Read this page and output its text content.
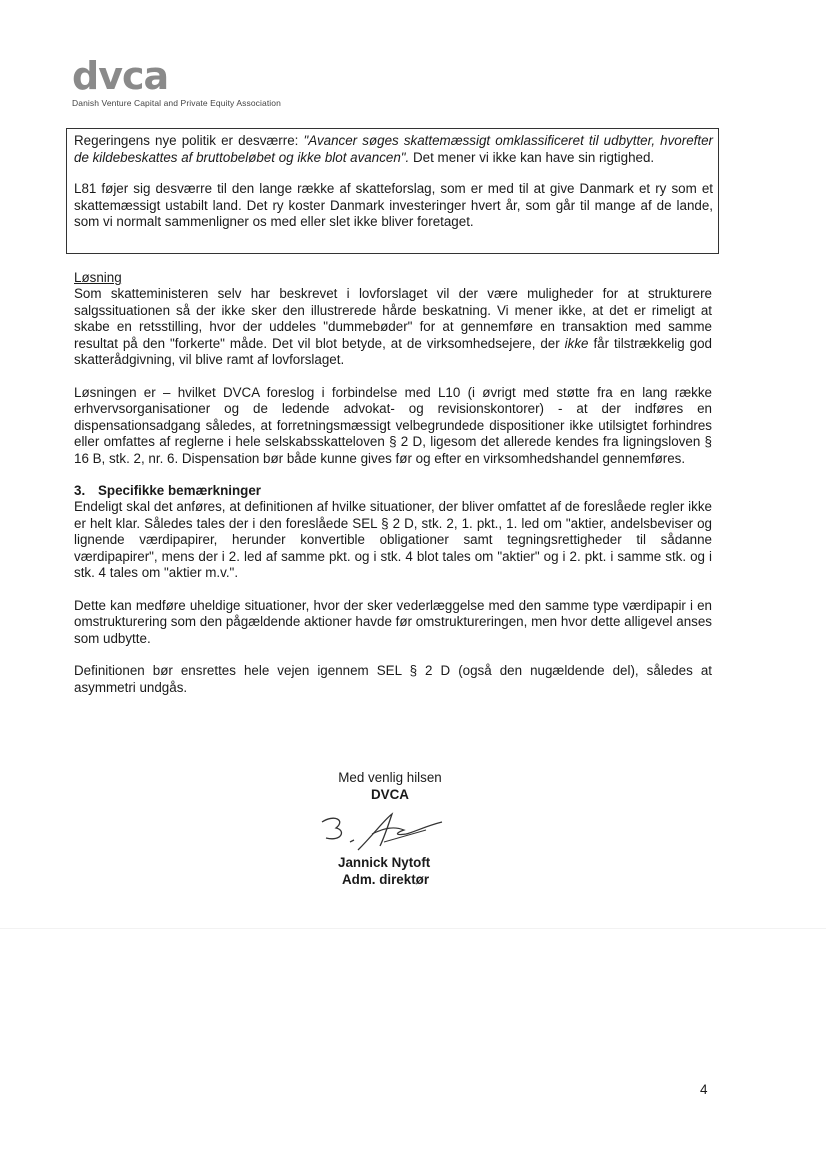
dvca
Danish Venture Capital and Private Equity Association

Regeringens nye politik er desværre: "Avancer søges skattemæssigt omklassificeret til udbytter, hvorefter de kildebeskattes af bruttobeløbet og ikke blot avancen". Det mener vi ikke kan have sin rigtighed.

L81 føjer sig desværre til den lange række af skatteforslag, som er med til at give Danmark et ry som et skattemæssigt ustabilt land. Det ry koster Danmark investeringer hvert år, som går til mange af de lande, som vi normalt sammenligner os med eller slet ikke bliver foretaget.

Løsning

Som skatteministeren selv har beskrevet i lovforslaget vil der være muligheder for at strukturere salgssituationen så der ikke sker den illustrerede hårde beskatning. Vi mener ikke, at det er rimeligt at skabe en retsstilling, hvor der uddeles "dummebøder" for at gennemføre en transaktion med samme resultat på den "forkerte" måde. Det vil blot betyde, at de virksomhedsejere, der ikke får tilstrækkelig god skatterådgivning, vil blive ramt af lovforslaget.

Løsningen er – hvilket DVCA foreslog i forbindelse med L10 (i øvrigt med støtte fra en lang række erhvervsorganisationer og de ledende advokat- og revisionskontorer) - at der indføres en dispensationsadgang således, at forretningsmæssigt velbegrundede dispositioner ikke utilsigtet forhindres eller omfattes af reglerne i hele selskabsskatteloven § 2 D, ligesom det allerede kendes fra ligningsloven § 16 B, stk. 2, nr. 6. Dispensation bør både kunne gives før og efter en virksomhedshandel gennemføres.

3. Specifikke bemærkninger

Endeligt skal det anføres, at definitionen af hvilke situationer, der bliver omfattet af de foreslåede regler ikke er helt klar. Således tales der i den foreslåede SEL § 2 D, stk. 2, 1. pkt., 1. led om "aktier, andelsbeviser og lignende værdipapirer, herunder konvertible obligationer samt tegningsrettigheder til sådanne værdipapirer", mens der i 2. led af samme pkt. og i stk. 4 blot tales om "aktier" og i 2. pkt. i samme stk. og i stk. 4 tales om "aktier m.v.".

Dette kan medføre uheldige situationer, hvor der sker vederlæggelse med den samme type værdipapir i en omstrukturering som den pågældende aktioner havde før omstruktureringen, men hvor dette alligevel anses som udbytte.

Definitionen bør ensrettes hele vejen igennem SEL § 2 D (også den nugældende del), således at asymmetri undgås.

Med venlig hilsen
DVCA
Jannick Nytoft
Adm. direktør
4
